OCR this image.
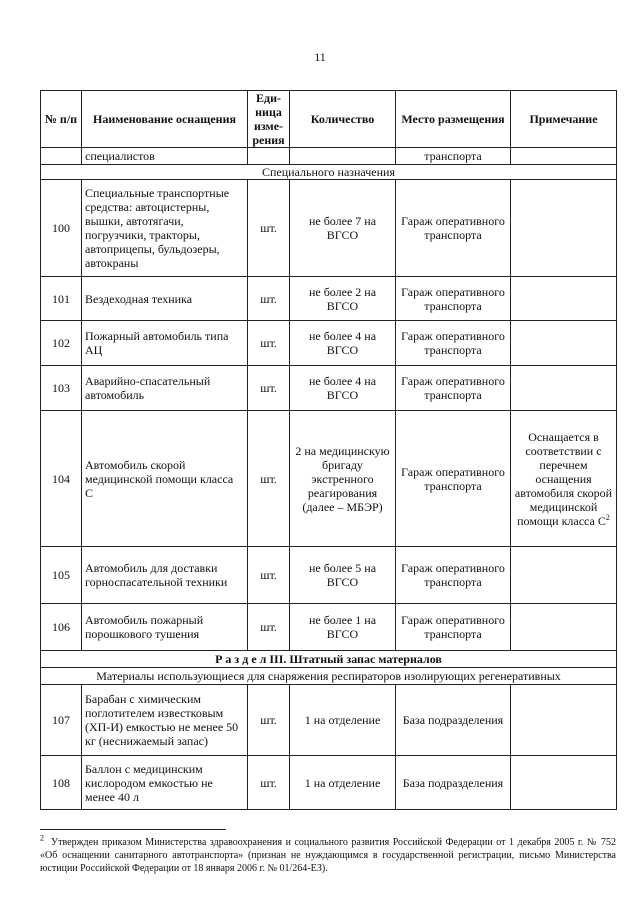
11
№ п/п	Наименование оснащения	Еди-ница изме-рения	Количество	Место размещения	Примечание
	специалистов			транспорта	
Специального назначения					
100	Специальные транспортные средства: автоцистерны, вышки, автотягачи, погрузчики, тракторы, автоприцепы, бульдозеры, автокраны	шт.	не более 7 на ВГСО	Гараж оперативного транспорта	
101	Вездеходная техника	шт.	не более 2 на ВГСО	Гараж оперативного транспорта	
102	Пожарный автомобиль типа АЦ	шт.	не более 4 на ВГСО	Гараж оперативного транспорта	
103	Аварийно-спасательный автомобиль	шт.	не более 4 на ВГСО	Гараж оперативного транспорта	
104	Автомобиль скорой медицинской помощи класса С	шт.	2 на медицинскую бригаду экстренного реагирования (далее – МБЭР)	Гараж оперативного транспорта	Оснащается в соответствии с перечнем оснащения автомобиля скорой медицинской помощи класса $С^2$
105	Автомобиль для доставки горноспасательной техники	шт.	не более 5 на ВГСО	Гараж оперативного транспорта	
106	Автомобиль пожарный порошкового тушения	шт.	не более 1 на ВГСО	Гараж оперативного транспорта	
Р а з д е л III. Штатный запас материалов					
Материалы использующиеся для снаряжения респираторов изолирующих регенеративных					
107	Барабан с химическим поглотителем известковым (ХП-И) емкостью не менее 50 кг (неснижаемый запас)	шт.	1 на отделение	База подразделения	
108	Баллон с медицинским кислородом емкостью не менее 40 л	шт.	1 на отделение	База подразделения	
$^2$ Утвержден приказом Министерства здравоохранения и социального развития Российской Федерации от 1 декабря 2005 г. № 752 «Об оснащении санитарного автотранспорта» (признан не нуждающимся в государственной регистрации, письмо Министерства юстиции Российской Федерации от 18 января 2006 г. № 01/264-ЕЗ).
